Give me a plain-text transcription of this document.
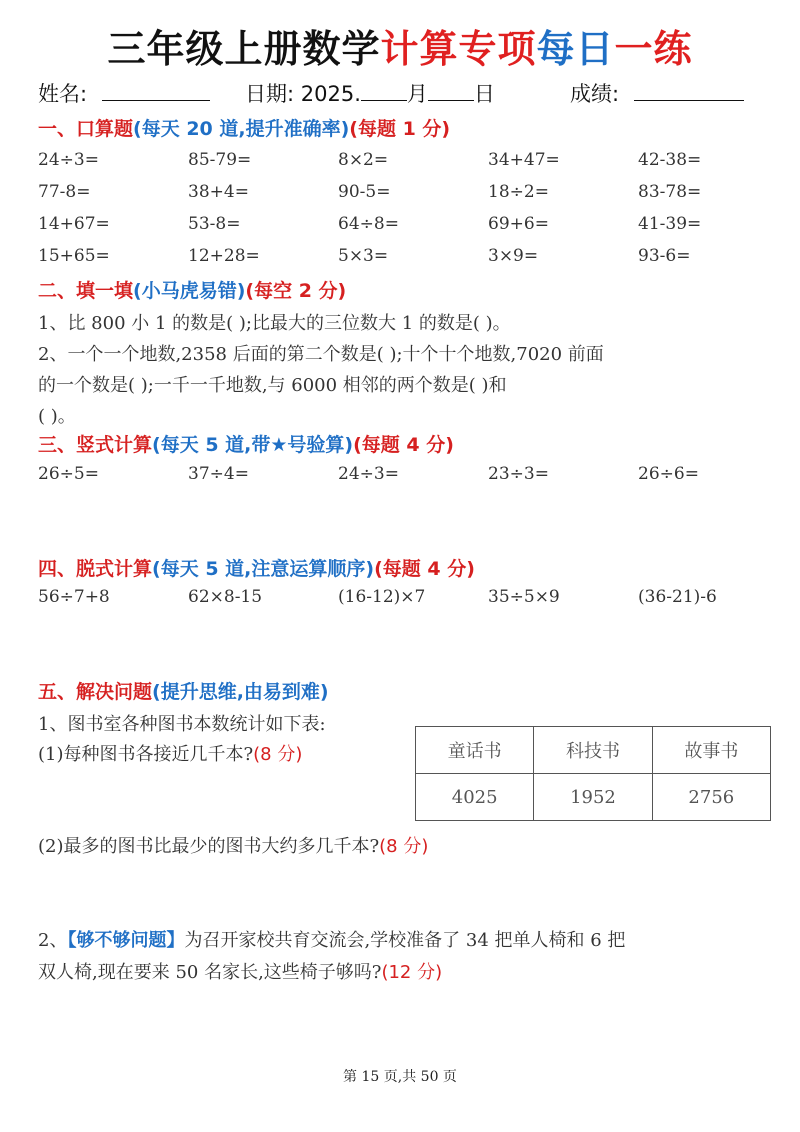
三年级上册数学计算专项每日一练
姓名:	日期: 2025. 月 日	成绩:
一、口算题(每天 20 道,提升准确率)(每题 1 分)
24÷3=	85-79=	8×2=	34+47=	42-38=
77-8=	38+4=	90-5=	18÷2=	83-78=
14+67=	53-8=	64÷8=	69+6=	41-39=
15+65=	12+28=	5×3=	3×9=	93-6=
二、填一填(小马虎易错)(每空 2 分)
1、比 800 小 1 的数是( );比最大的三位数大 1 的数是( )。
2、一个一个地数,2358 后面的第二个数是( );十个十个地数,7020 前面
的一个数是( );一千一千地数,与 6000 相邻的两个数是( )和
( )。
三、竖式计算(每天 5 道,带★号验算)(每题 4 分)
26÷5=	37÷4=	24÷3=	23÷3=	26÷6=
四、脱式计算(每天 5 道,注意运算顺序)(每题 4 分)
56÷7+8	62×8-15	(16-12)×7	35÷5×9	(36-21)-6
五、解决问题(提升思维,由易到难)
1、图书室各种图书本数统计如下表:
(1)每种图书各接近几千本?(8 分)	童话书	科技书	故事书
4025	1952	2756
(2)最多的图书比最少的图书大约多几千本?(8 分)
2、【够不够问题】为召开家校共育交流会,学校准备了 34 把单人椅和 6 把
双人椅,现在要来 50 名家长,这些椅子够吗?(12 分)
第 15 页,共 50 页
